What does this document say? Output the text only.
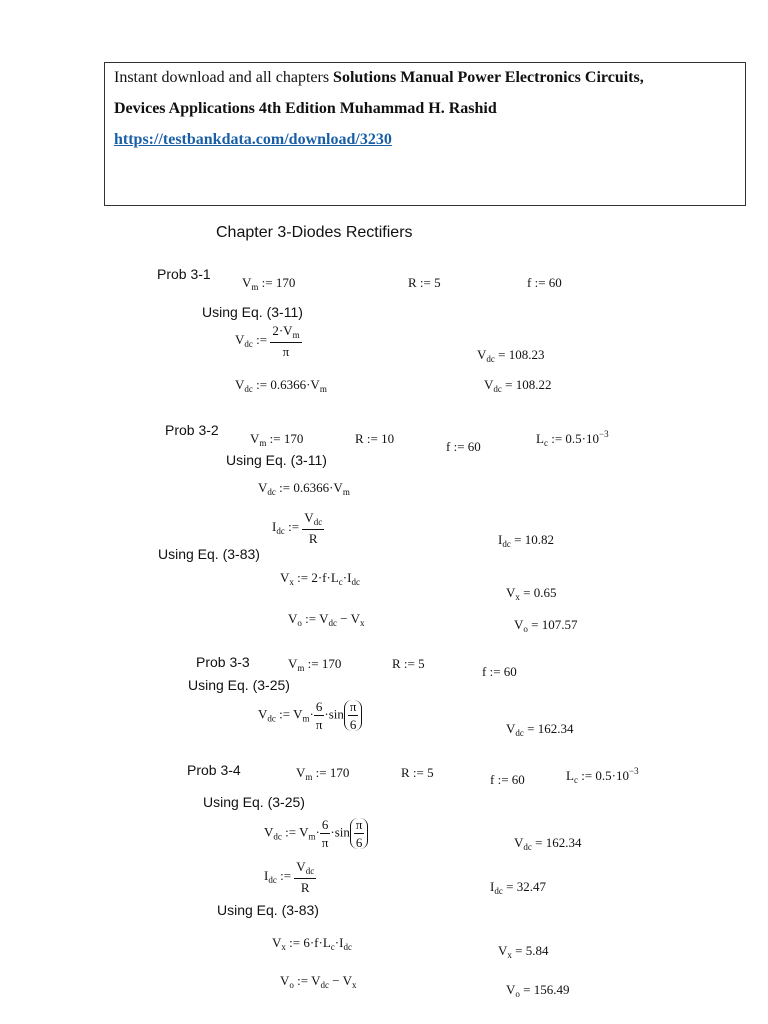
Instant download and all chapters Solutions Manual Power Electronics Circuits,
Devices Applications 4th Edition Muhammad H. Rashid
https://testbankdata.com/download/3230
Chapter 3-Diodes Rectifiers
Prob 3-1
$V_m$ := 170	R := 5	f := 60
Using Eq. (3-11)
$V_{dc}$ := $\frac{2\cdot V_m}{\pi}$	$V_{dc} = 108.23$
$V_{dc}$ := $0.6366\cdot V_m$	$V_{dc} = 108.22$
Prob 3-2
$V_m$ := 170	R := 10
f := 60
$L_c$ := $0.5\cdot 10^{-3}$
Using Eq. (3-11)
$V_{dc}$ := $0.6366\cdot V_m$
$I_{dc}$ := $\frac{V_{dc}}{R}$	$I_{dc} = 10.82$
Using Eq. (3-83)
$V_x$ := $2\cdot f\cdot L_c\cdot I_{dc}$
$V_x = 0.65$
$V_o$ := $V_{dc} - V_x$	$V_o = 107.57$
Prob 3-3	$V_m$ := 170	R := 5
f := 60
Using Eq. (3-25)
$V_{dc}$ := $V_m\cdot \frac{6}{\pi} \cdot\sin \frac{\pi}{6}$	$V_{dc} = 162.34$
Prob 3-4	$V_m$ := 170	R := 5	f := 60	$L_c$ := $0.5\cdot 10^{-3}$
Using Eq. (3-25)
$V_{dc}$ := $V_m\cdot \frac{6}{\pi} \cdot\sin \frac{\pi}{6}$	$V_{dc} = 162.34$
$I_{dc}$ := $\frac{V_{dc}}{R}$	$I_{dc} = 32.47$
Using Eq. (3-83)
$V_x$ := $6\cdot f\cdot L_c\cdot I_{dc}$	$V_x = 5.84$
$V_o$ := $V_{dc} - V_x$	$V_o = 156.49$
